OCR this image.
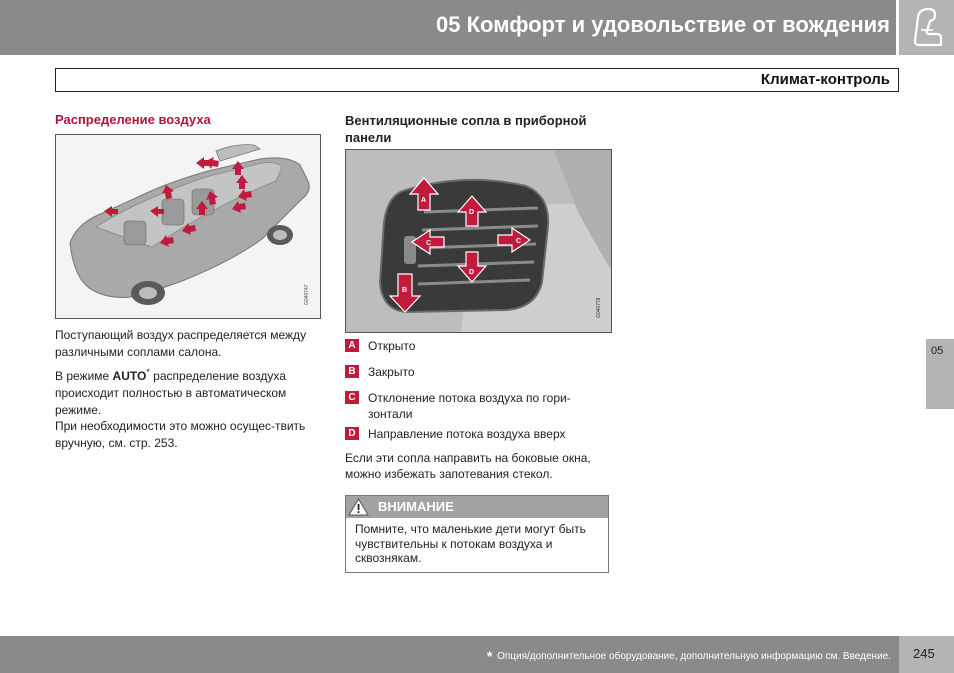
05 Комфорт и удовольствие от вождения
Климат-контроль
Распределение воздуха
G040747
Поступающий воздух распределяется между различными соплами салона.
В режиме AUTO* распределение воздуха происходит полностью в автоматическом режиме.
При необходимости это можно осущес-твить вручную, см. стр. 253.
Вентиляционные сопла в приборной панели
A
D
D
C	C
B
G040778
A Открыто
B Закрыто
C Отклонение потока воздуха по гори-зонтали
D Направление потока воздуха вверх
Если эти сопла направить на боковые окна, можно избежать запотевания стекол.
ВНИМАНИЕ
Помните, что маленькие дети могут быть чувствительны к потокам воздуха и сквознякам.
05
* Опция/дополнительное оборудование, дополнительную информацию см. Введение. 245
